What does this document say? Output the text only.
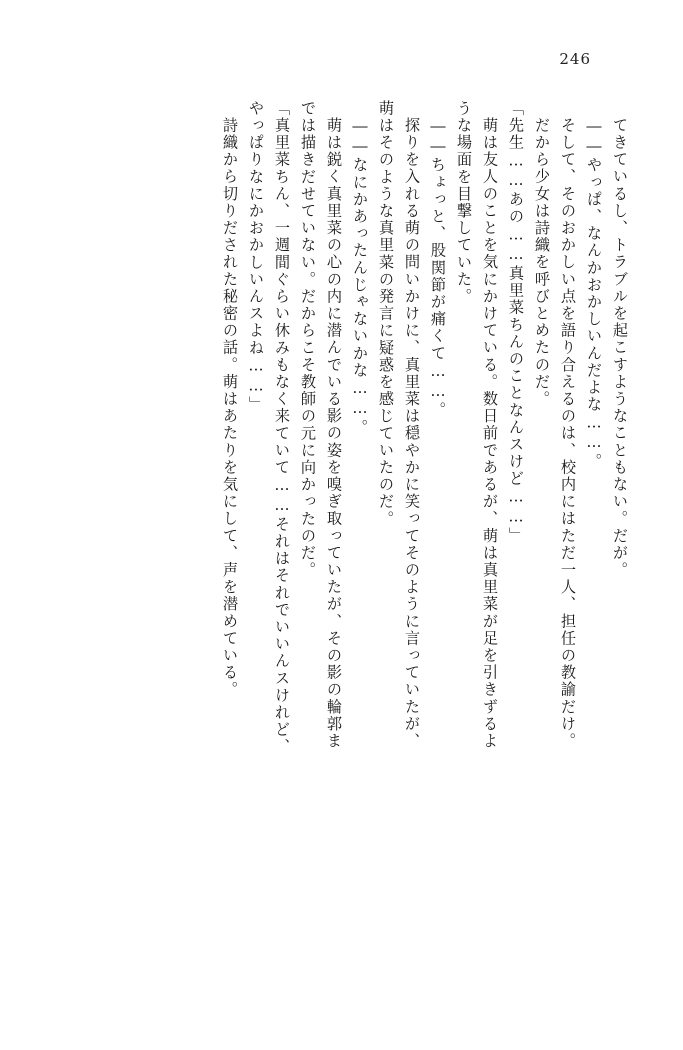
246
てきているし、トラブルを起こすようなこともない。だが。
――やっぱ、なんかおかしいんだよな……。
そして、そのおかしい点を語り合えるのは、校内にはただ一人、担任の教諭だけ。
だから少女は詩織を呼びとめたのだ。
「先生……あの……真里菜ちんのことなんスけど……」
萌は友人のことを気にかけている。数日前であるが、萌は真里菜が足を引きずるよ
うな場面を目撃していた。
――ちょっと、股関節が痛くて……。
探りを入れる萌の問いかけに、真里菜は穏やかに笑ってそのように言っていたが、
萌はそのような真里菜の発言に疑惑を感じていたのだ。
――なにかあったんじゃないかな……。
萌は鋭く真里菜の心の内に潜んでいる影の姿を嗅ぎ取っていたが、その影の輪郭ま
では描きだせていない。だからこそ教師の元に向かったのだ。
「真里菜ちん、一週間ぐらい休みもなく来ていて……それはそれでいいんスけれど、
やっぱりなにかおかしいんスよね……」
詩織から切りだされた秘密の話。萌はあたりを気にして、声を潜めている。
